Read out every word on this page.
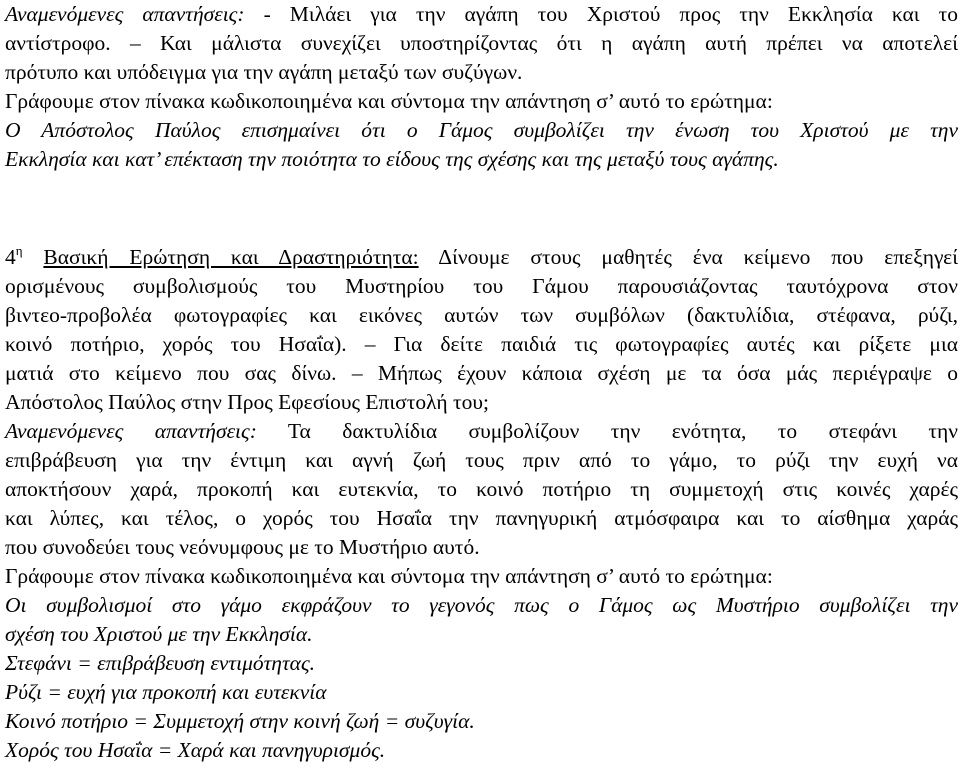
Αναμενόμενες απαντήσεις: - Μιλάει για την αγάπη του Χριστού προς την Εκκλησία και το
αντίστροφο. – Και μάλιστα συνεχίζει υποστηρίζοντας ότι η αγάπη αυτή πρέπει να αποτελεί
πρότυπο και υπόδειγμα για την αγάπη μεταξύ των συζύγων.
Γράφουμε στον πίνακα κωδικοποιημένα και σύντομα την απάντηση σ’ αυτό το ερώτημα:
Ο Απόστολος Παύλος επισημαίνει ότι ο Γάμος συμβολίζει την ένωση του Χριστού με την
Εκκλησία και κατ’ επέκταση την ποιότητα το είδους της σχέσης και της μεταξύ τους αγάπης.
$4^\eta$ Βασική Ερώτηση και Δραστηριότητα: Δίνουμε στους μαθητές ένα κείμενο που επεξηγεί
ορισμένους συμβολισμούς του Μυστηρίου του Γάμου παρουσιάζοντας ταυτόχρονα στον
βιντεο-προβολέα φωτογραφίες και εικόνες αυτών των συμβόλων (δακτυλίδια, στέφανα, ρύζι,
κοινό ποτήριο, χορός του Ησαΐα). – Για δείτε παιδιά τις φωτογραφίες αυτές και ρίξετε μια
ματιά στο κείμενο που σας δίνω. – Μήπως έχουν κάποια σχέση με τα όσα μάς περιέγραψε ο
Απόστολος Παύλος στην Προς Εφεσίους Επιστολή του;
Αναμενόμενες απαντήσεις: Τα δακτυλίδια συμβολίζουν την ενότητα, το στεφάνι την
επιβράβευση για την έντιμη και αγνή ζωή τους πριν από το γάμο, το ρύζι την ευχή να
αποκτήσουν χαρά, προκοπή και ευτεκνία, το κοινό ποτήριο τη συμμετοχή στις κοινές χαρές
και λύπες, και τέλος, ο χορός του Ησαΐα την πανηγυρική ατμόσφαιρα και το αίσθημα χαράς
που συνοδεύει τους νεόνυμφους με το Μυστήριο αυτό.
Γράφουμε στον πίνακα κωδικοποιημένα και σύντομα την απάντηση σ’ αυτό το ερώτημα:
Οι συμβολισμοί στο γάμο εκφράζουν το γεγονός πως ο Γάμος ως Μυστήριο συμβολίζει την
σχέση του Χριστού με την Εκκλησία.
Στεφάνι = επιβράβευση εντιμότητας.
Ρύζι = ευχή για προκοπή και ευτεκνία
Κοινό ποτήριο = Συμμετοχή στην κοινή ζωή = συζυγία.
Χορός του Ησαΐα = Χαρά και πανηγυρισμός.
